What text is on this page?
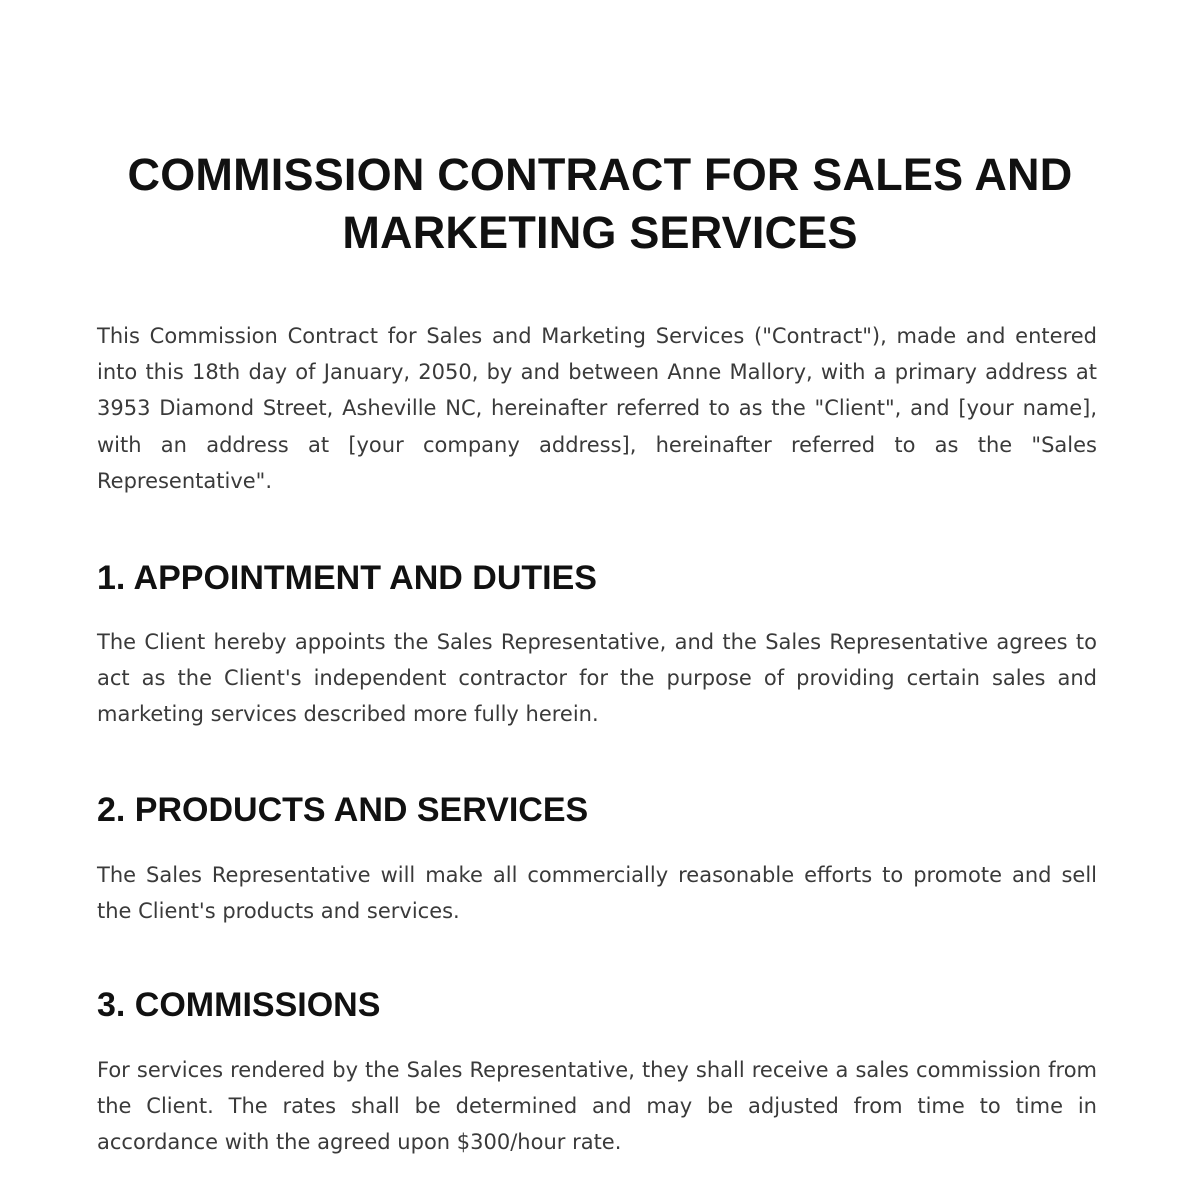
COMMISSION CONTRACT FOR SALES AND MARKETING SERVICES

This Commission Contract for Sales and Marketing Services ("Contract"), made and entered into this 18th day of January, 2050, by and between Anne Mallory, with a primary address at 3953 Diamond Street, Asheville NC, hereinafter referred to as the "Client", and [your name], with an address at [your company address], hereinafter referred to as the "Sales Representative".

1. APPOINTMENT AND DUTIES

The Client hereby appoints the Sales Representative, and the Sales Representative agrees to act as the Client's independent contractor for the purpose of providing certain sales and marketing services described more fully herein.

2. PRODUCTS AND SERVICES

The Sales Representative will make all commercially reasonable efforts to promote and sell the Client's products and services.

3. COMMISSIONS

For services rendered by the Sales Representative, they shall receive a sales commission from the Client. The rates shall be determined and may be adjusted from time to time in accordance with the agreed upon $300/hour rate.
